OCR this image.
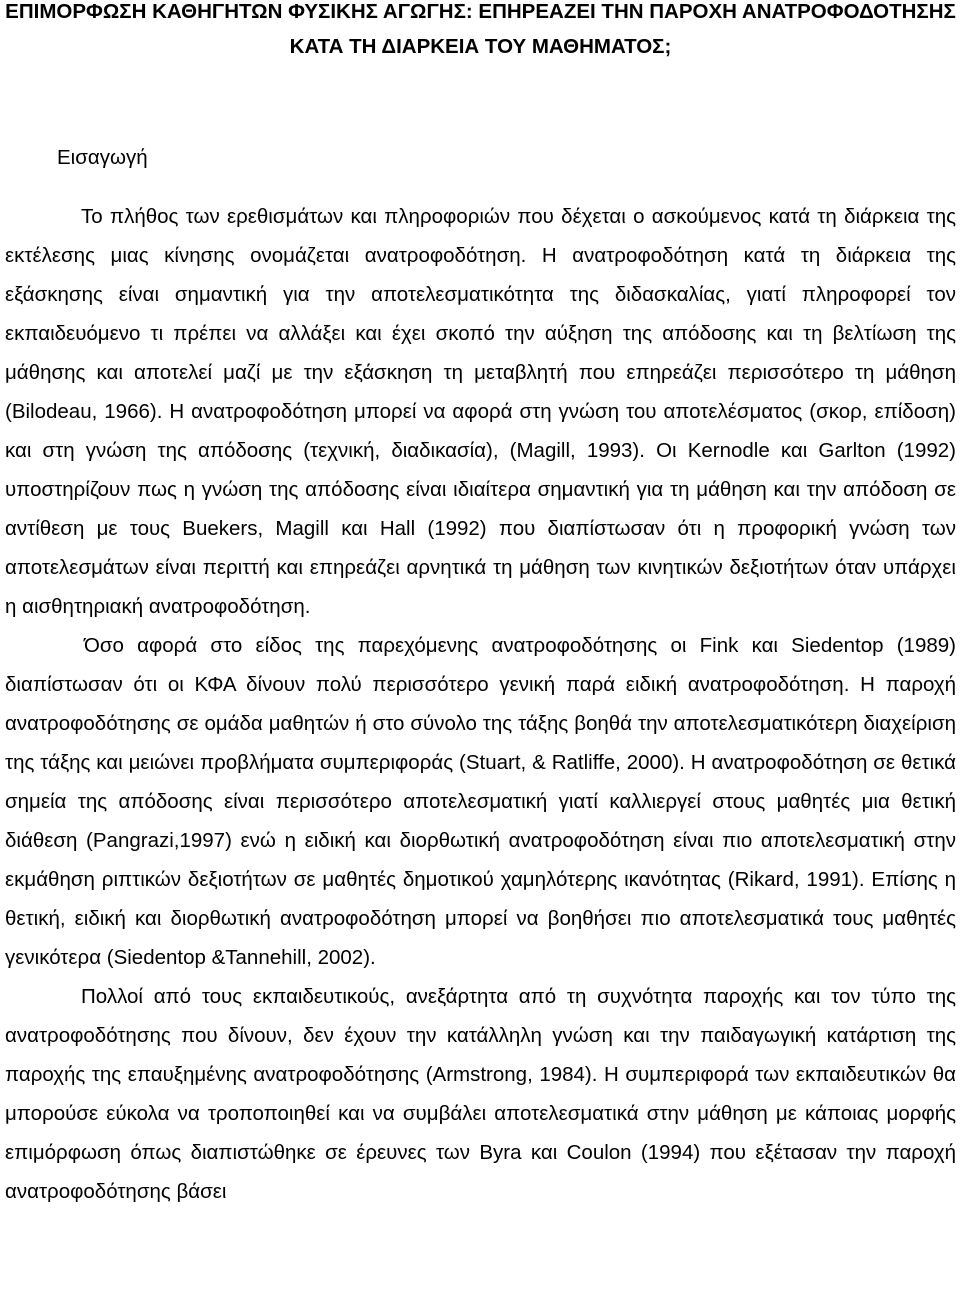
ΕΠΙΜΟΡΦΩΣΗ ΚΑΘΗΓΗΤΩΝ ΦΥΣΙΚΗΣ ΑΓΩΓΗΣ: ΕΠΗΡΕΑΖΕΙ ΤΗΝ ΠΑΡΟΧΗ ΑΝΑΤΡΟΦΟΔΟΤΗΣΗΣ ΚΑΤΑ ΤΗ ΔΙΑΡΚΕΙΑ ΤΟΥ ΜΑΘΗΜΑΤΟΣ;
Εισαγωγή

Το πλήθος των ερεθισμάτων και πληροφοριών που δέχεται ο ασκούμενος κατά τη διάρκεια της εκτέλεσης μιας κίνησης ονομάζεται ανατροφοδότηση. Η ανατροφοδότηση κατά τη διάρκεια της εξάσκησης είναι σημαντική για την αποτελεσματικότητα της διδασκαλίας, γιατί πληροφορεί τον εκπαιδευόμενο τι πρέπει να αλλάξει και έχει σκοπό την αύξηση της απόδοσης και τη βελτίωση της μάθησης και αποτελεί μαζί με την εξάσκηση τη μεταβλητή που επηρεάζει περισσότερο τη μάθηση (Bilodeau, 1966). Η ανατροφοδότηση μπορεί να αφορά στη γνώση του αποτελέσματος (σκορ, επίδοση) και στη γνώση της απόδοσης (τεχνική, διαδικασία), (Magill, 1993). Οι Kernodle και Garlton (1992) υποστηρίζουν πως η γνώση της απόδοσης είναι ιδιαίτερα σημαντική για τη μάθηση και την απόδοση σε αντίθεση με τους Buekers, Magill και Hall (1992) που διαπίστωσαν ότι η προφορική γνώση των αποτελεσμάτων είναι περιττή και επηρεάζει αρνητικά τη μάθηση των κινητικών δεξιοτήτων όταν υπάρχει η αισθητηριακή ανατροφοδότηση.

Όσο αφορά στο είδος της παρεχόμενης ανατροφοδότησης οι Fink και Siedentop (1989) διαπίστωσαν ότι οι ΚΦΑ δίνουν πολύ περισσότερο γενική παρά ειδική ανατροφοδότηση. Η παροχή ανατροφοδότησης σε ομάδα μαθητών ή στο σύνολο της τάξης βοηθά την αποτελεσματικότερη διαχείριση της τάξης και μειώνει προβλήματα συμπεριφοράς (Stuart, & Ratliffe, 2000). Η ανατροφοδότηση σε θετικά σημεία της απόδοσης είναι περισσότερο αποτελεσματική γιατί καλλιεργεί στους μαθητές μια θετική διάθεση (Pangrazi,1997) ενώ η ειδική και διορθωτική ανατροφοδότηση είναι πιο αποτελεσματική στην εκμάθηση ριπτικών δεξιοτήτων σε μαθητές δημοτικού χαμηλότερης ικανότητας (Rikard, 1991). Επίσης η θετική, ειδική και διορθωτική ανατροφοδότηση μπορεί να βοηθήσει πιο αποτελεσματικά τους μαθητές γενικότερα (Siedentop &Tannehill, 2002).

Πολλοί από τους εκπαιδευτικούς, ανεξάρτητα από τη συχνότητα παροχής και τον τύπο της ανατροφοδότησης που δίνουν, δεν έχουν την κατάλληλη γνώση και την παιδαγωγική κατάρτιση της παροχής της επαυξημένης ανατροφοδότησης (Armstrong, 1984). Η συμπεριφορά των εκπαιδευτικών θα μπορούσε εύκολα να τροποποιηθεί και να συμβάλει αποτελεσματικά στην μάθηση με κάποιας μορφής επιμόρφωση όπως διαπιστώθηκε σε έρευνες των Byra και Coulon (1994) που εξέτασαν την παροχή ανατροφοδότησης βάσει
